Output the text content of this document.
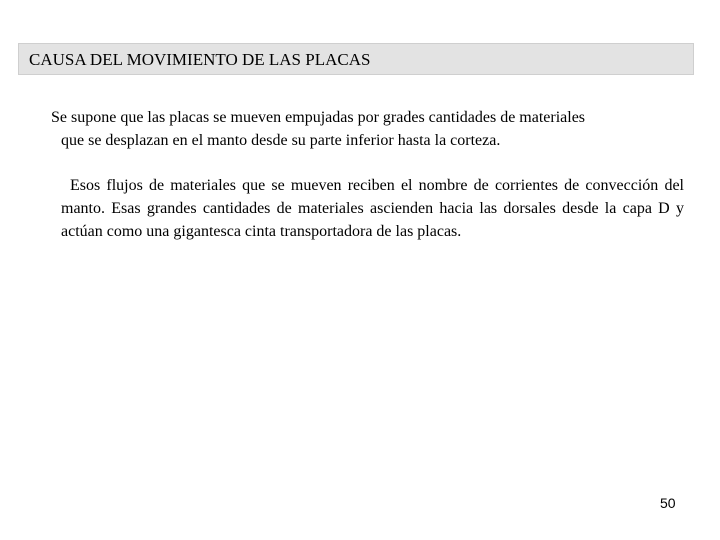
CAUSA DEL MOVIMIENTO DE LAS PLACAS

Se supone que las placas se mueven empujadas por grades cantidades de materiales
que se desplazan en el manto desde su parte inferior hasta la corteza.

Esos flujos de materiales que se mueven reciben el nombre de corrientes de convección del manto. Esas grandes cantidades de materiales ascienden hacia las dorsales desde la capa D y actúan como una gigantesca cinta transportadora de las placas.

50
